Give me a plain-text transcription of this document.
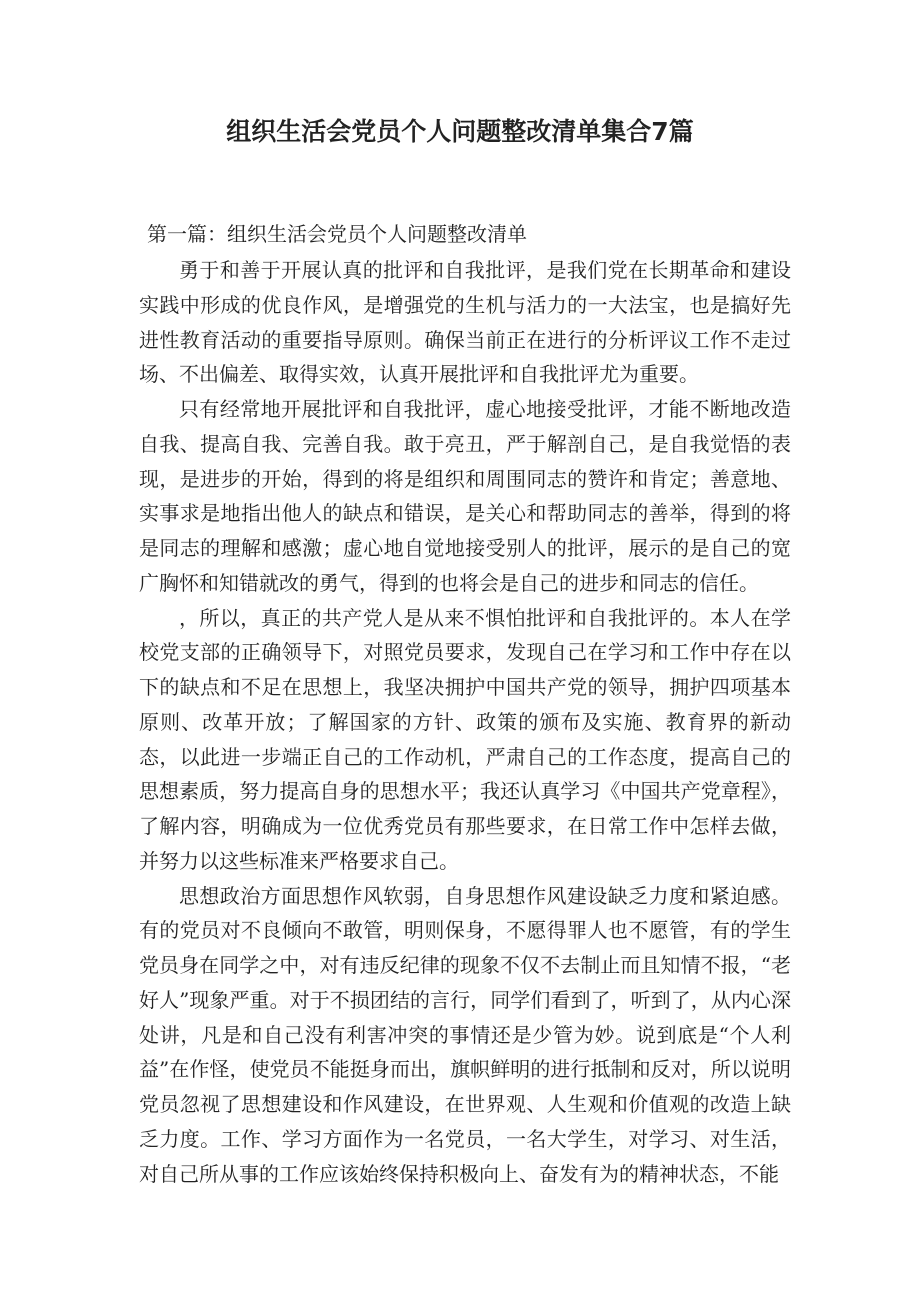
组织生活会党员个人问题整改清单集合7篇

第一篇：组织生活会党员个人问题整改清单

勇于和善于开展认真的批评和自我批评，是我们党在长期革命和建设实践中形成的优良作风，是增强党的生机与活力的一大法宝，也是搞好先进性教育活动的重要指导原则。确保当前正在进行的分析评议工作不走过场、不出偏差、取得实效，认真开展批评和自我批评尤为重要。

只有经常地开展批评和自我批评，虚心地接受批评，才能不断地改造自我、提高自我、完善自我。敢于亮丑，严于解剖自己，是自我觉悟的表现，是进步的开始，得到的将是组织和周围同志的赞许和肯定；善意地、实事求是地指出他人的缺点和错误，是关心和帮助同志的善举，得到的将是同志的理解和感激；虚心地自觉地接受别人的批评，展示的是自己的宽广胸怀和知错就改的勇气，得到的也将会是自己的进步和同志的信任。

，所以，真正的共产党人是从来不惧怕批评和自我批评的。本人在学校党支部的正确领导下，对照党员要求，发现自己在学习和工作中存在以下的缺点和不足在思想上，我坚决拥护中国共产党的领导，拥护四项基本原则、改革开放；了解国家的方针、政策的颁布及实施、教育界的新动态，以此进一步端正自己的工作动机，严肃自己的工作态度，提高自己的思想素质，努力提高自身的思想水平；我还认真学习《中国共产党章程》，了解内容，明确成为一位优秀党员有那些要求，在日常工作中怎样去做，并努力以这些标准来严格要求自己。

思想政治方面思想作风软弱，自身思想作风建设缺乏力度和紧迫感。有的党员对不良倾向不敢管，明则保身，不愿得罪人也不愿管，有的学生党员身在同学之中，对有违反纪律的现象不仅不去制止而且知情不报，“老好人”现象严重。对于不损团结的言行，同学们看到了，听到了，从内心深处讲，凡是和自己没有利害冲突的事情还是少管为妙。说到底是“个人利益”在作怪，使党员不能挺身而出，旗帜鲜明的进行抵制和反对，所以说明党员忽视了思想建设和作风建设，在世界观、人生观和价值观的改造上缺乏力度。工作、学习方面作为一名党员，一名大学生，对学习、对生活，对自己所从事的工作应该始终保持积极向上、奋发有为的精神状态，不能
